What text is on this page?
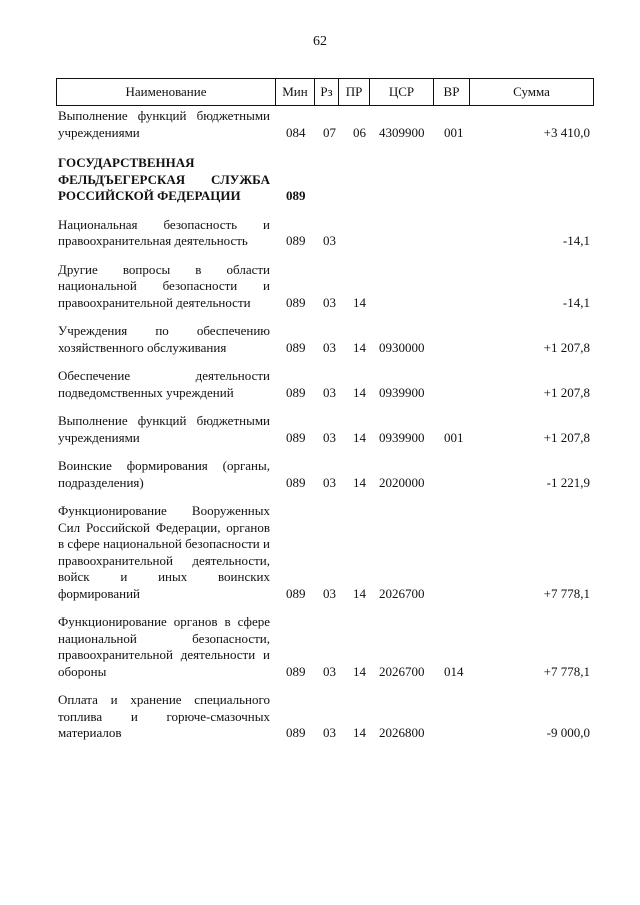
62
Наименование	Мин Рз	ПР	ЦСР	ВР	Сумма
Выполнение функций бюджетными учреждениями	084 07 06 4309900 001	+3 410,0
ГОСУДАРСТВЕННАЯ ФЕЛЬДЪЕГЕРСКАЯ СЛУЖБА РОССИЙСКОЙ ФЕДЕРАЦИИ	089
Национальная безопасность и правоохранительная деятельность	089 03	-14,1
Другие вопросы в области национальной безопасности и правоохранительной деятельности	089 03 14	-14,1
Учреждения по обеспечению хозяйственного обслуживания	089 03 14 0930000	+1 207,8
Обеспечение деятельности подведомственных учреждений	089 03 14 0939900	+1 207,8
Выполнение функций бюджетными учреждениями	089 03 14 0939900 001	+1 207,8
Воинские формирования (органы, подразделения)	089 03 14 2020000	-1 221,9
Функционирование Вооруженных Сил Российской Федерации, органов в сфере национальной безопасности и правоохранительной деятельности, войск и иных воинских формирований	089 03 14 2026700	+7 778,1
Функционирование органов в сфере национальной безопасности, правоохранительной деятельности и обороны	089 03 14 2026700 014	+7 778,1
Оплата и хранение специального топлива и горюче-смазочных материалов	089 03 14 2026800	-9 000,0
